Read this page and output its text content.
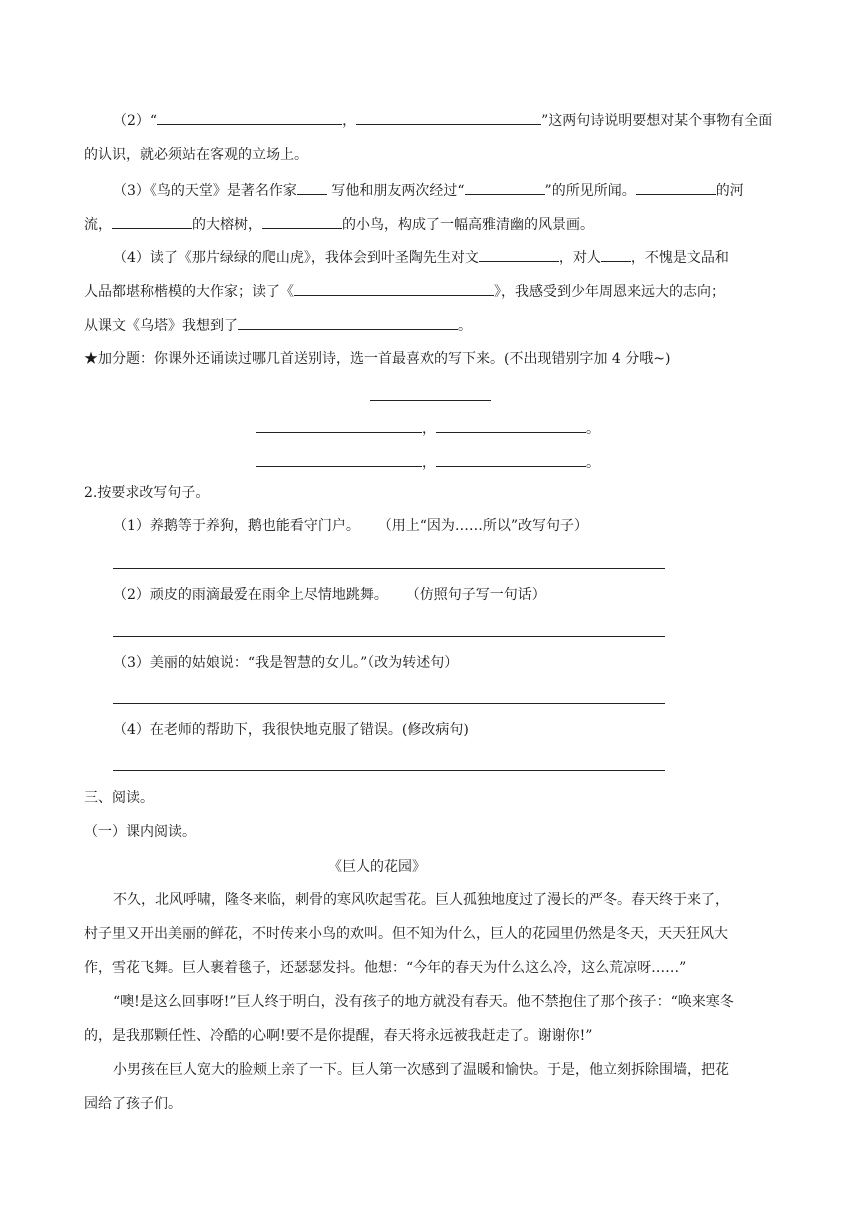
（2）“	，	”这两句诗说明要想对某个事物有全面
的认识，就必须站在客观的立场上。
（3）《鸟的天堂》是著名作家 写他和朋友两次经过“	”的所见所闻。	的河
流，	的大榕树，	的小鸟，构成了一幅高雅清幽的风景画。
（4）读了《那片绿绿的爬山虎》，我体会到叶圣陶先生对文	，对人 ，不愧是文品和
人品都堪称楷模的大作家；读了《	》，我感受到少年周恩来远大的志向；
从课文《乌塔》我想到了	。
★加分题：你课外还诵读过哪几首送别诗，选一首最喜欢的写下来。(不出现错别字加 4 分哦~)
，	。
，	。
2.按要求改写句子。
（1）养鹅等于养狗，鹅也能看守门户。    （用上“因为……所以”改写句子）
（2）顽皮的雨滴最爱在雨伞上尽情地跳舞。    （仿照句子写一句话）
（3）美丽的姑娘说：“我是智慧的女儿。”（改为转述句）
（4）在老师的帮助下，我很快地克服了错误。(修改病句)
三、阅读。
（一）课内阅读。
《巨人的花园》
不久，北风呼啸，隆冬来临，刺骨的寒风吹起雪花。巨人孤独地度过了漫长的严冬。春天终于来了，
村子里又开出美丽的鲜花，不时传来小鸟的欢叫。但不知为什么，巨人的花园里仍然是冬天，天天狂风大
作，雪花飞舞。巨人裹着毯子，还瑟瑟发抖。他想：“今年的春天为什么这么冷，这么荒凉呀……”
“噢!是这么回事呀!”巨人终于明白，没有孩子的地方就没有春天。他不禁抱住了那个孩子：“唤来寒冬
的，是我那颗任性、冷酷的心啊!要不是你提醒，春天将永远被我赶走了。谢谢你!”
小男孩在巨人宽大的脸颊上亲了一下。巨人第一次感到了温暖和愉快。于是，他立刻拆除围墙，把花
园给了孩子们。
